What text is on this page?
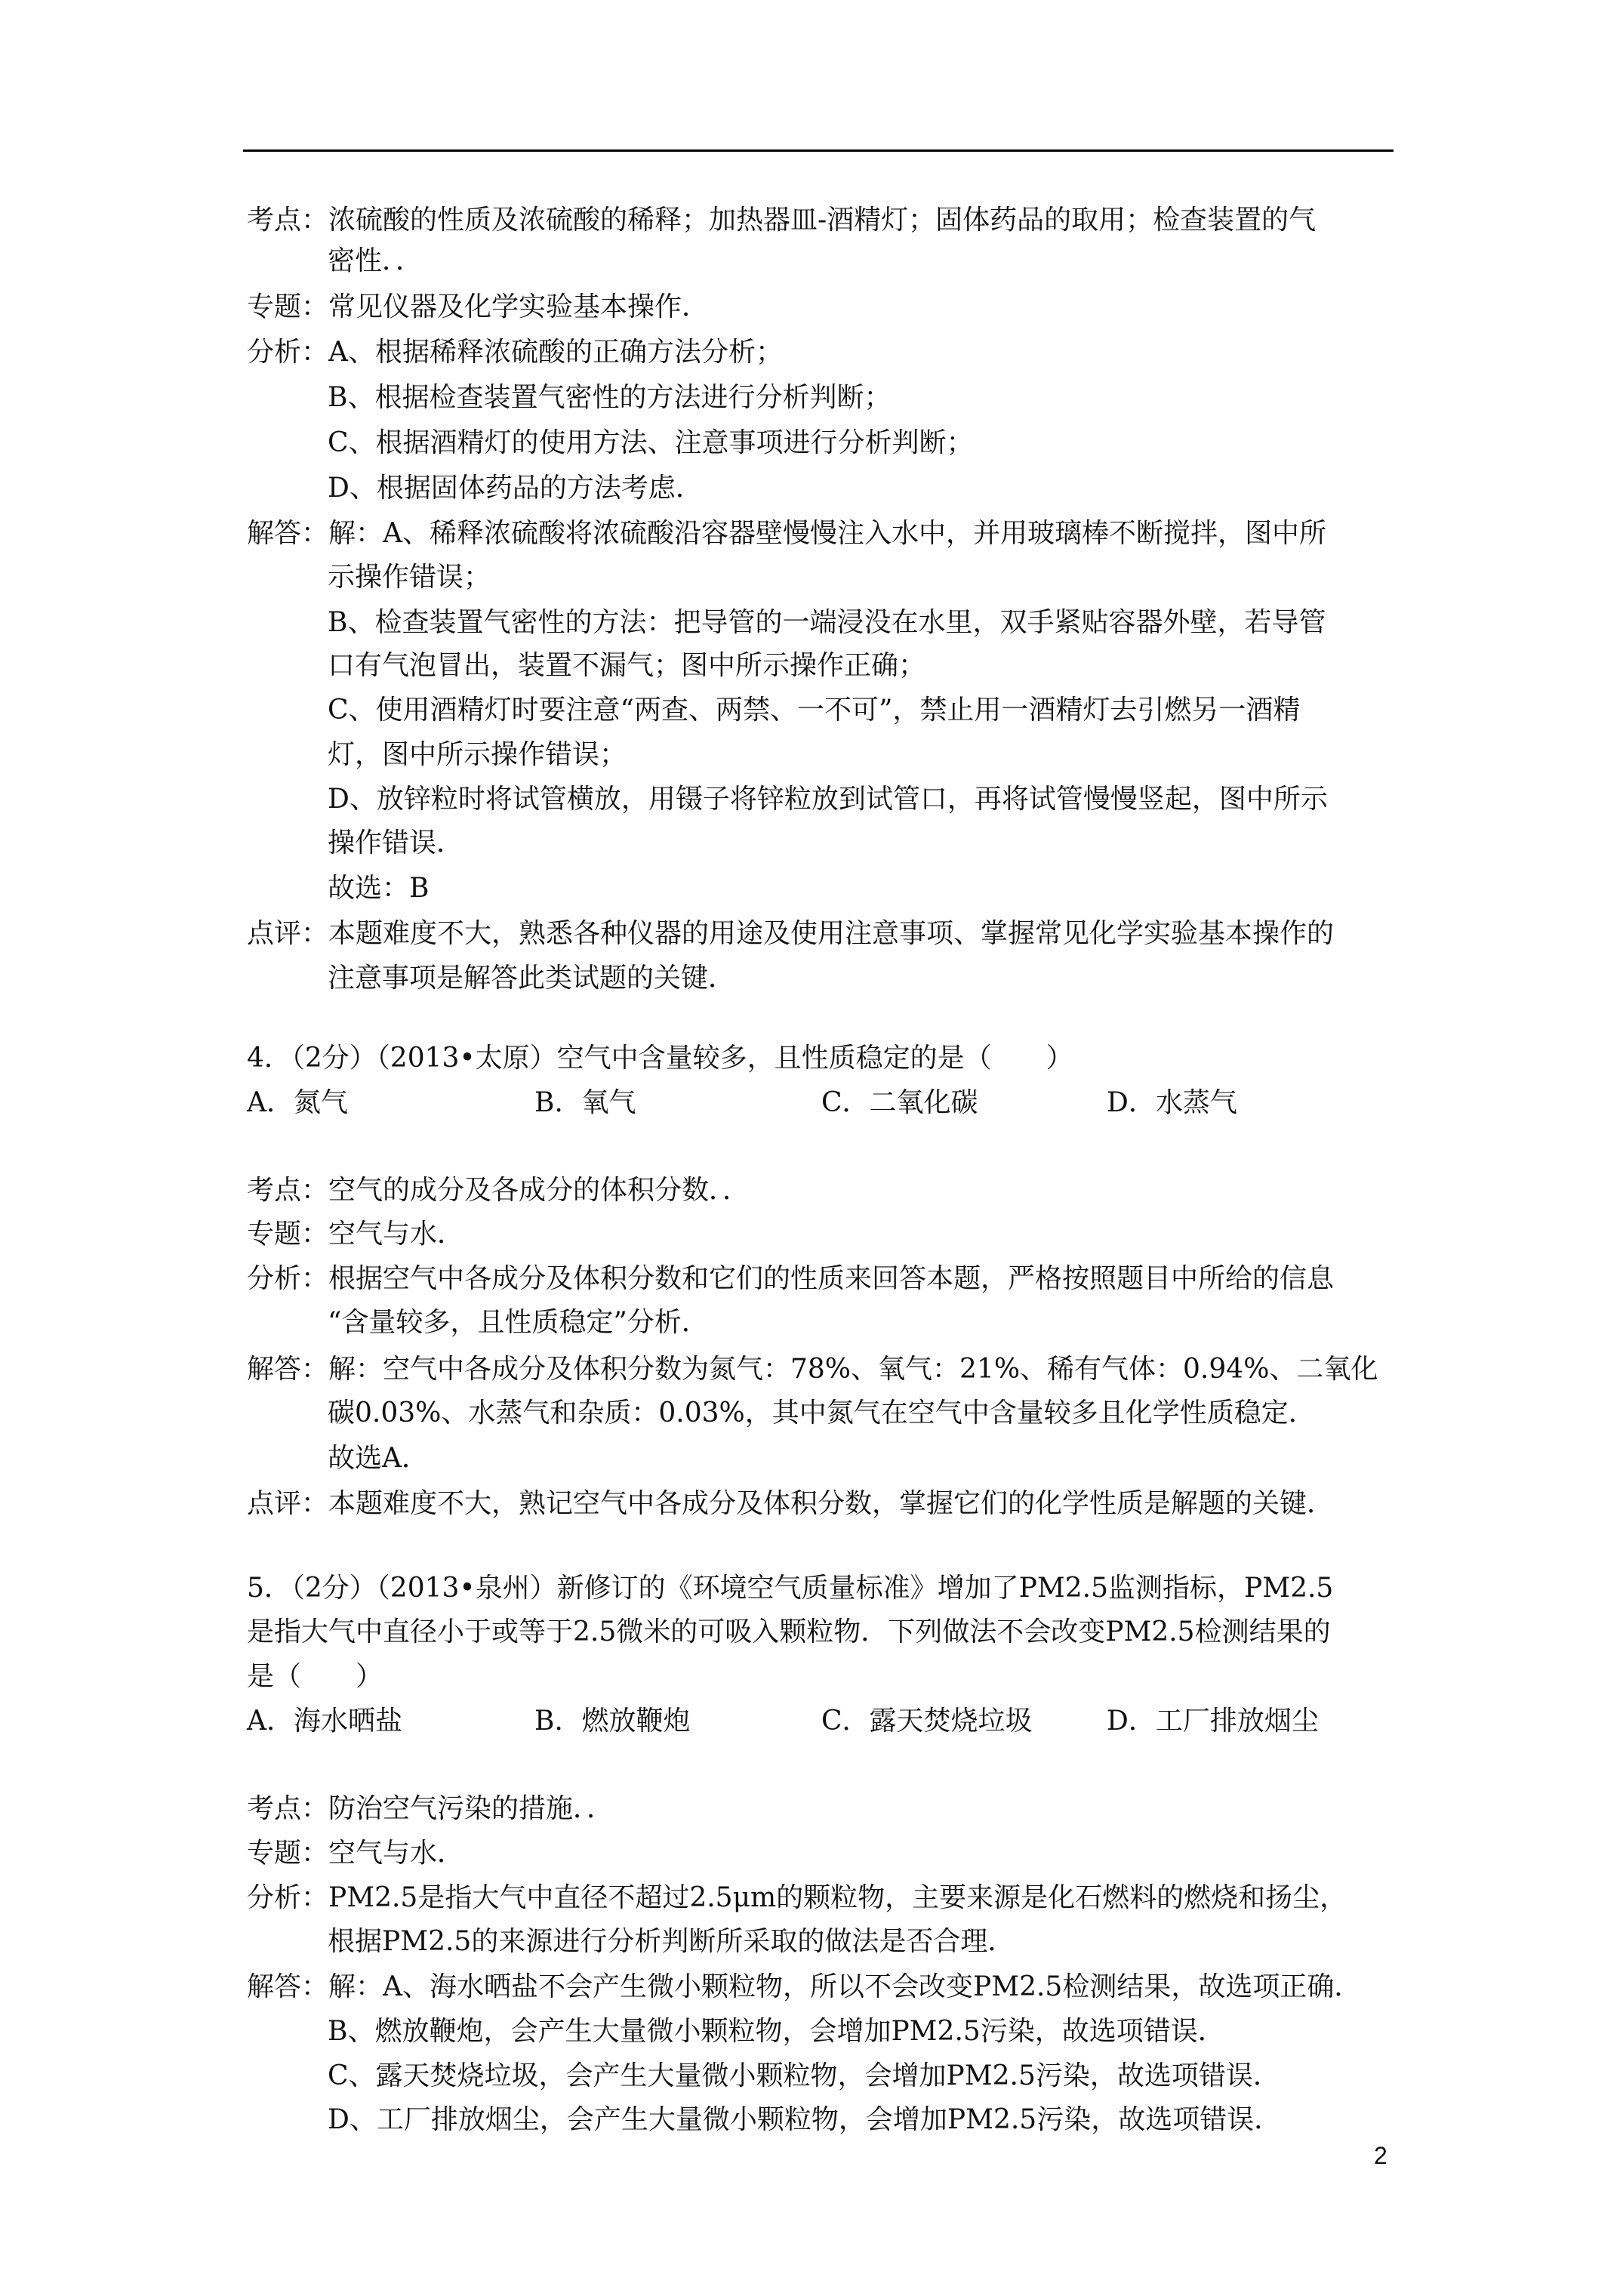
考点：浓硫酸的性质及浓硫酸的稀释；加热器皿-酒精灯；固体药品的取用；检查装置的气
密性．．
专题：常见仪器及化学实验基本操作．
分析：A、根据稀释浓硫酸的正确方法分析；
B、根据检查装置气密性的方法进行分析判断；
C、根据酒精灯的使用方法、注意事项进行分析判断；
D、根据固体药品的方法考虑．
解答：解：A、稀释浓硫酸将浓硫酸沿容器壁慢慢注入水中，并用玻璃棒不断搅拌，图中所
示操作错误；
B、检查装置气密性的方法：把导管的一端浸没在水里，双手紧贴容器外壁，若导管
口有气泡冒出，装置不漏气；图中所示操作正确；
C、使用酒精灯时要注意“两查、两禁、一不可”，禁止用一酒精灯去引燃另一酒精
灯，图中所示操作错误；
D、放锌粒时将试管横放，用镊子将锌粒放到试管口，再将试管慢慢竖起，图中所示
操作错误．
故选：B
点评：本题难度不大，熟悉各种仪器的用途及使用注意事项、掌握常见化学实验基本操作的
注意事项是解答此类试题的关键．
4．（2分）（2013•太原）空气中含量较多，且性质稳定的是（　　）
A．氮气	B．氧气	C．二氧化碳	D．水蒸气
考点：空气的成分及各成分的体积分数．．
专题：空气与水．
分析：根据空气中各成分及体积分数和它们的性质来回答本题，严格按照题目中所给的信息
“含量较多，且性质稳定”分析．
解答：解：空气中各成分及体积分数为氮气：78%、氧气：21%、稀有气体：0.94%、二氧化
碳0.03%、水蒸气和杂质：0.03%，其中氮气在空气中含量较多且化学性质稳定．
故选A．
点评：本题难度不大，熟记空气中各成分及体积分数，掌握它们的化学性质是解题的关键．
5．（2分）（2013•泉州）新修订的《环境空气质量标准》增加了PM2.5监测指标，PM2.5
是指大气中直径小于或等于2.5微米的可吸入颗粒物．下列做法不会改变PM2.5检测结果的
是（　　）
A．海水晒盐	B．燃放鞭炮	C．露天焚烧垃圾	D．工厂排放烟尘
考点：防治空气污染的措施．．
专题：空气与水．
分析：PM2.5是指大气中直径不超过2.5μm的颗粒物，主要来源是化石燃料的燃烧和扬尘，
根据PM2.5的来源进行分析判断所采取的做法是否合理．
解答：解：A、海水晒盐不会产生微小颗粒物，所以不会改变PM2.5检测结果，故选项正确．
B、燃放鞭炮，会产生大量微小颗粒物，会增加PM2.5污染，故选项错误．
C、露天焚烧垃圾，会产生大量微小颗粒物，会增加PM2.5污染，故选项错误．
D、工厂排放烟尘，会产生大量微小颗粒物，会增加PM2.5污染，故选项错误．
2
